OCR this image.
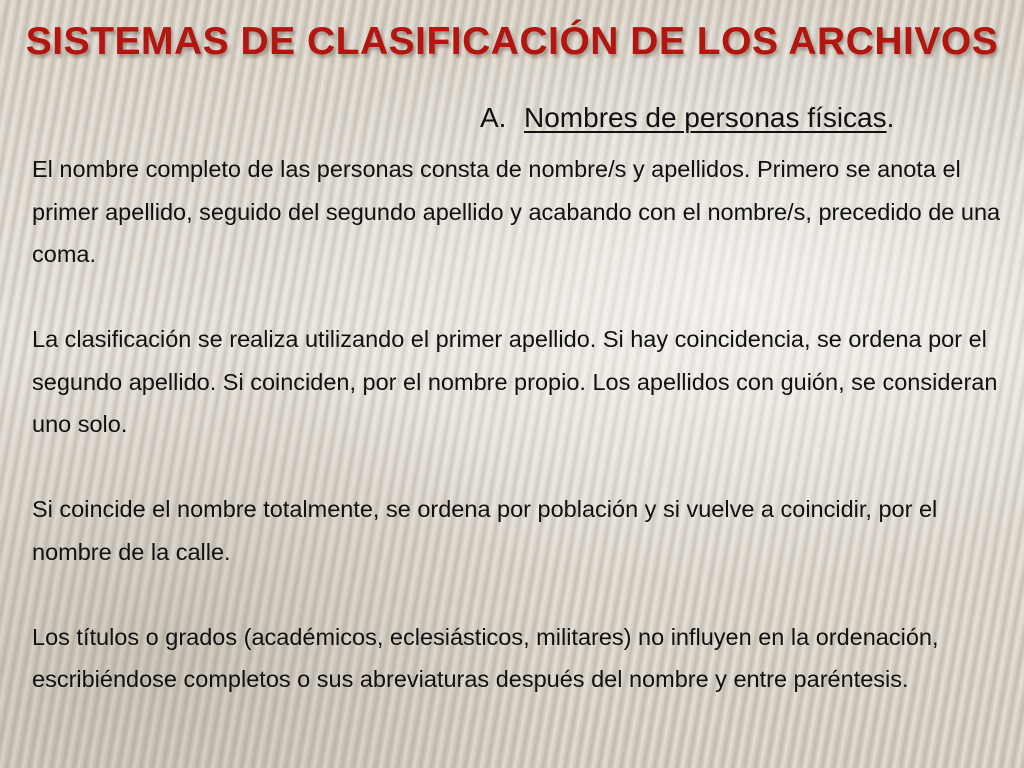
SISTEMAS DE CLASIFICACIÓN DE LOS ARCHIVOS
A. Nombres de personas físicas.

El nombre completo de las personas consta de nombre/s y apellidos. Primero se anota el primer apellido, seguido del segundo apellido y acabando con el nombre/s, precedido de una coma.

La clasificación se realiza utilizando el primer apellido. Si hay coincidencia, se ordena por el segundo apellido. Si coinciden, por el nombre propio. Los apellidos con guión, se consideran uno solo.

Si coincide el nombre totalmente, se ordena por población y si vuelve a coincidir, por el nombre de la calle.

Los títulos o grados (académicos, eclesiásticos, militares) no influyen en la ordenación, escribiéndose completos o sus abreviaturas después del nombre y entre paréntesis.
